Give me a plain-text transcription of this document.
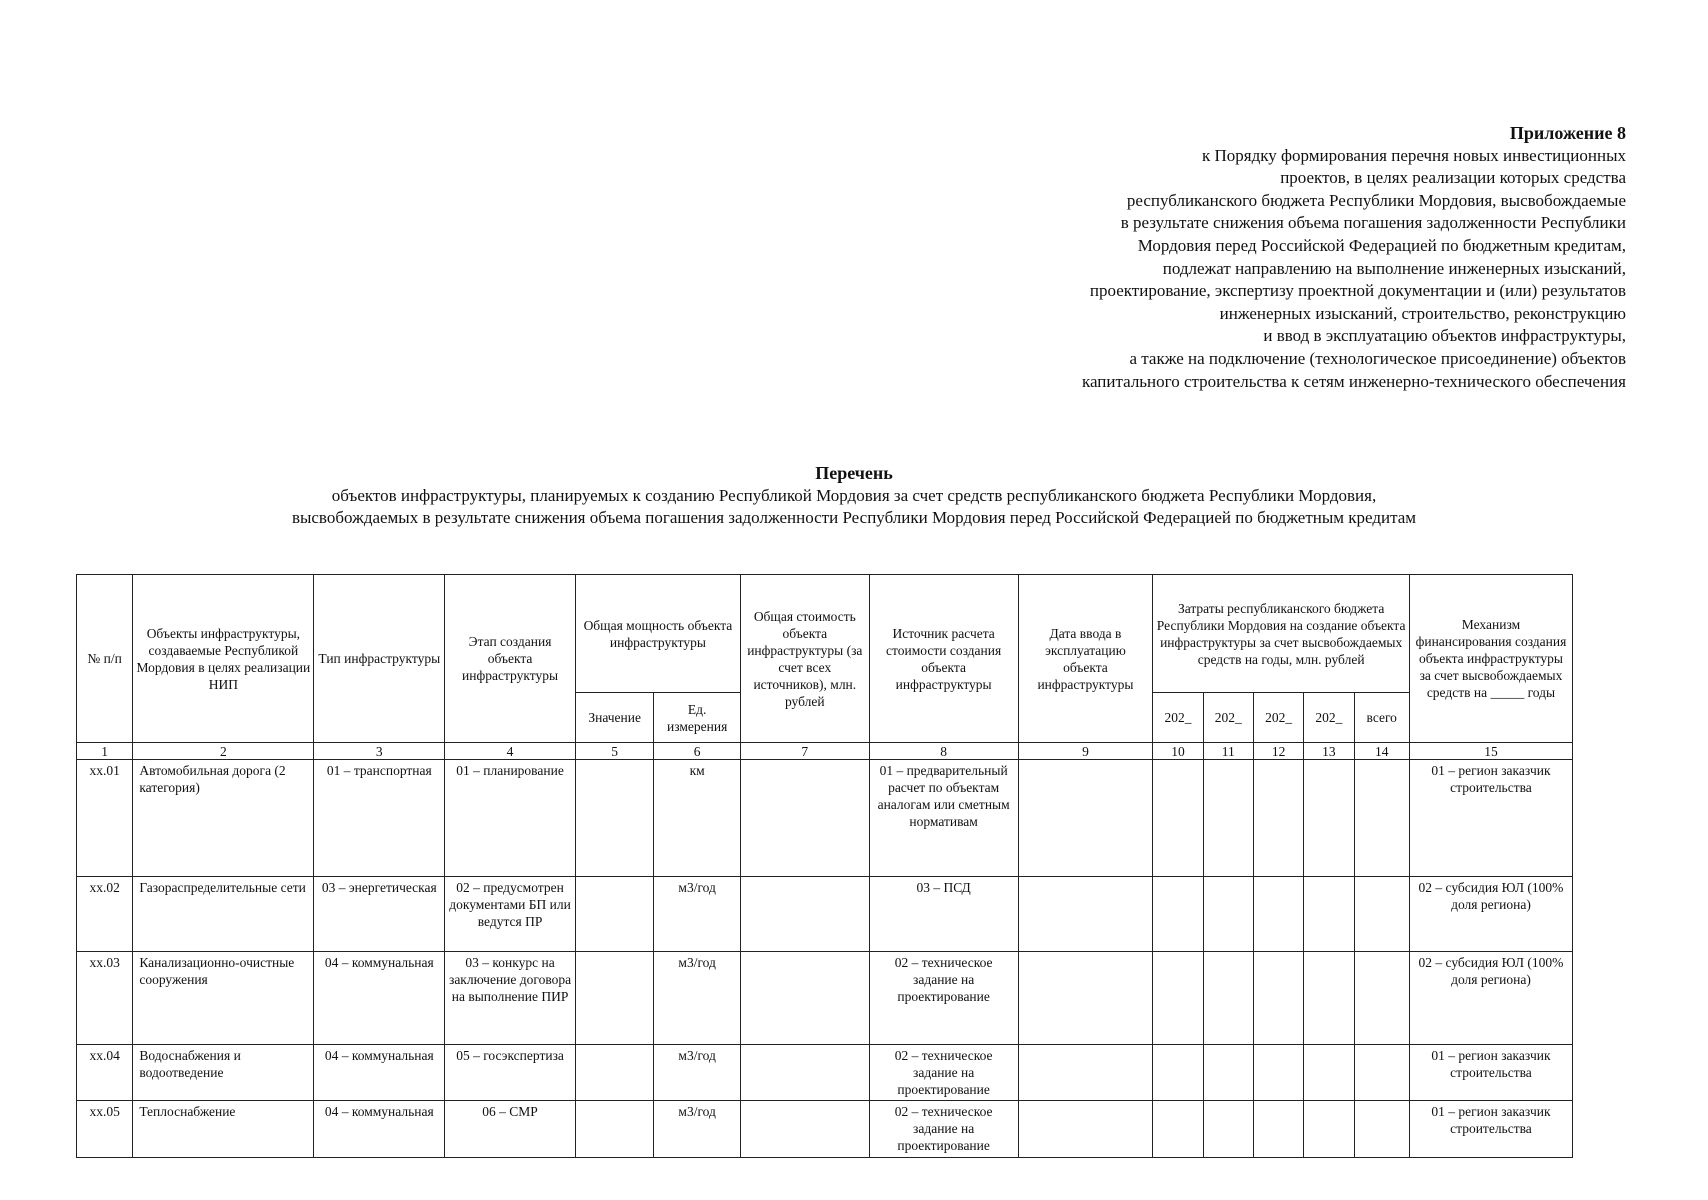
Приложение 8
к Порядку формирования перечня новых инвестиционных
проектов, в целях реализации которых средства
республиканского бюджета Республики Мордовия, высвобождаемые
в результате снижения объема погашения задолженности Республики
Мордовия перед Российской Федерацией по бюджетным кредитам,
подлежат направлению на выполнение инженерных изысканий,
проектирование, экспертизу проектной документации и (или) результатов
инженерных изысканий, строительство, реконструкцию
и ввод в эксплуатацию объектов инфраструктуры,
а также на подключение (технологическое присоединение) объектов
капитального строительства к сетям инженерно-технического обеспечения
Перечень
объектов инфраструктуры, планируемых к созданию Республикой Мордовия за счет средств республиканского бюджета Республики Мордовия,
высвобождаемых в результате снижения объема погашения задолженности Республики Мордовия перед Российской Федерацией по бюджетным кредитам
№ п/п	Объекты инфраструктуры, создаваемые Республикой Мордовия в целях реализации НИП	Тип инфраструктуры	Этап создания объекта инфраструктуры	Общая мощность объекта инфраструктуры		Общая стоимость объекта инфраструктуры (за счет всех источников), млн. рублей	Источник расчета стоимости создания объекта инфраструктуры	Дата ввода в эксплуатацию объекта инфраструктуры	Затраты республиканского бюджета Республики Мордовия на создание объекта инфраструктуры за счет высвобождаемых средств на годы, млн. рублей					Механизм финансирования создания объекта инфраструктуры за счет высвобождаемых средств на _____ годы
				Значение	Ед. измерения				202_	202_	202_	202_	всего	
1	2	3	4	5	6	7	8	9	10	11	12	13	14	15
хх.01	Автомобильная дорога (2 категория)	01 – транспортная	01 – планирование		км		01 – предварительный расчет по объектам аналогам или сметным нормативам							01 – регион заказчик строительства
хх.02	Газораспределительные сети	03 – энергетическая	02 – предусмотрен документами БП или ведутся ПР		м3/год		03 – ПСД							02 – субсидия ЮЛ (100% доля региона)
хх.03	Канализационно-очистные сооружения	04 – коммунальная	03 – конкурс на заключение договора на выполнение ПИР		м3/год		02 – техническое задание на проектирование							02 – субсидия ЮЛ (100% доля региона)
хх.04	Водоснабжения и водоотведение	04 – коммунальная	05 – госэкспертиза		м3/год		02 – техническое задание на проектирование							01 – регион заказчик строительства
хх.05	Теплоснабжение	04 – коммунальная	06 – СМР		м3/год		02 – техническое задание на проектирование							01 – регион заказчик строительства
